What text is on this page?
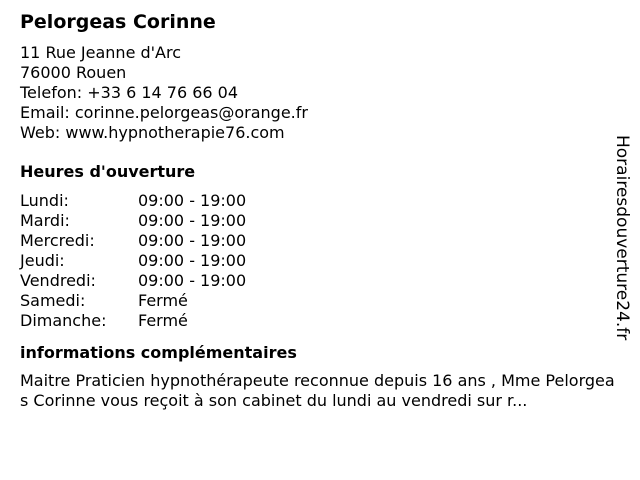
Pelorgeas Corinne
11 Rue Jeanne d'Arc
76000 Rouen
Telefon: +33 6 14 76 66 04
Email: corinne.pelorgeas@orange.fr
Web: www.hypnotherapie76.com
Heures d'ouverture
Lundi:	09:00 - 19:00
Mardi:	09:00 - 19:00
Mercredi:	09:00 - 19:00
Jeudi:	09:00 - 19:00
Vendredi:	09:00 - 19:00
Samedi:	Fermé
Dimanche:	Fermé
informations complémentaires
Maitre Praticien hypnothérapeute reconnue depuis 16 ans , Mme Pelorgeas Corinne vous reçoit à son cabinet du lundi au vendredi sur r...
Horairesdouverture24.fr
